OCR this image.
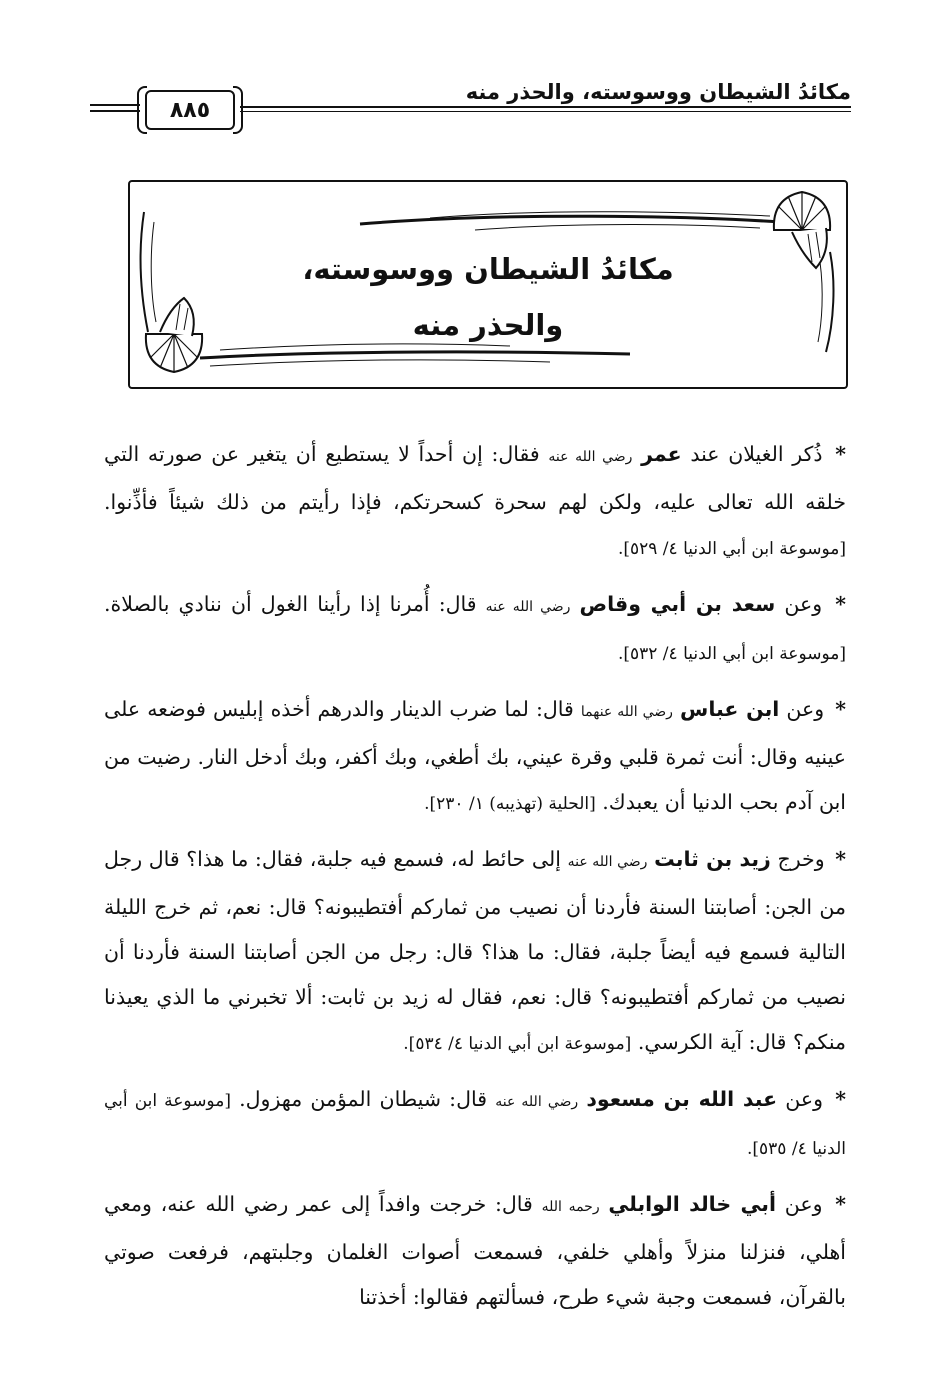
مكائدُ الشيطان ووسوسته، والحذر منه
٨٨٥
مكائدُ الشيطان ووسوسته،
والحذر منه

* ذُكر الغيلان عند عمر رضي الله عنه فقال: إن أحداً لا يستطيع أن يتغير عن صورته التي خلقه الله تعالى عليه، ولكن لهم سحرة كسحرتكم، فإذا رأيتم من ذلك شيئاً فأذِّنوا. [موسوعة ابن أبي الدنيا ٤/ ٥٢٩].

* وعن سعد بن أبي وقاص رضي الله عنه قال: أُمرنا إذا رأينا الغول أن ننادي بالصلاة. [موسوعة ابن أبي الدنيا ٤/ ٥٣٢].

* وعن ابن عباس رضي الله عنهما قال: لما ضرب الدينار والدرهم أخذه إبليس فوضعه على عينيه وقال: أنت ثمرة قلبي وقرة عيني، بك أطغي، وبك أكفر، وبك أدخل النار. رضيت من ابن آدم بحب الدنيا أن يعبدك. [الحلية (تهذيبه) ١/ ٢٣٠].

* وخرج زيد بن ثابت رضي الله عنه إلى حائط له، فسمع فيه جلبة، فقال: ما هذا؟ قال رجل من الجن: أصابتنا السنة فأردنا أن نصيب من ثماركم أفتطيبونه؟ قال: نعم، ثم خرج الليلة التالية فسمع فيه أيضاً جلبة، فقال: ما هذا؟ قال: رجل من الجن أصابتنا السنة فأردنا أن نصيب من ثماركم أفتطيبونه؟ قال: نعم، فقال له زيد بن ثابت: ألا تخبرني ما الذي يعيذنا منكم؟ قال: آية الكرسي. [موسوعة ابن أبي الدنيا ٤/ ٥٣٤].

* وعن عبد الله بن مسعود رضي الله عنه قال: شيطان المؤمن مهزول. [موسوعة ابن أبي الدنيا ٤/ ٥٣٥].

* وعن أبي خالد الوابلي رحمه الله قال: خرجت وافداً إلى عمر رضي الله عنه، ومعي أهلي، فنزلنا منزلاً وأهلي خلفي، فسمعت أصوات الغلمان وجلبتهم، فرفعت صوتي بالقرآن، فسمعت وجبة شيء طرح، فسألتهم فقالوا: أخذتنا
